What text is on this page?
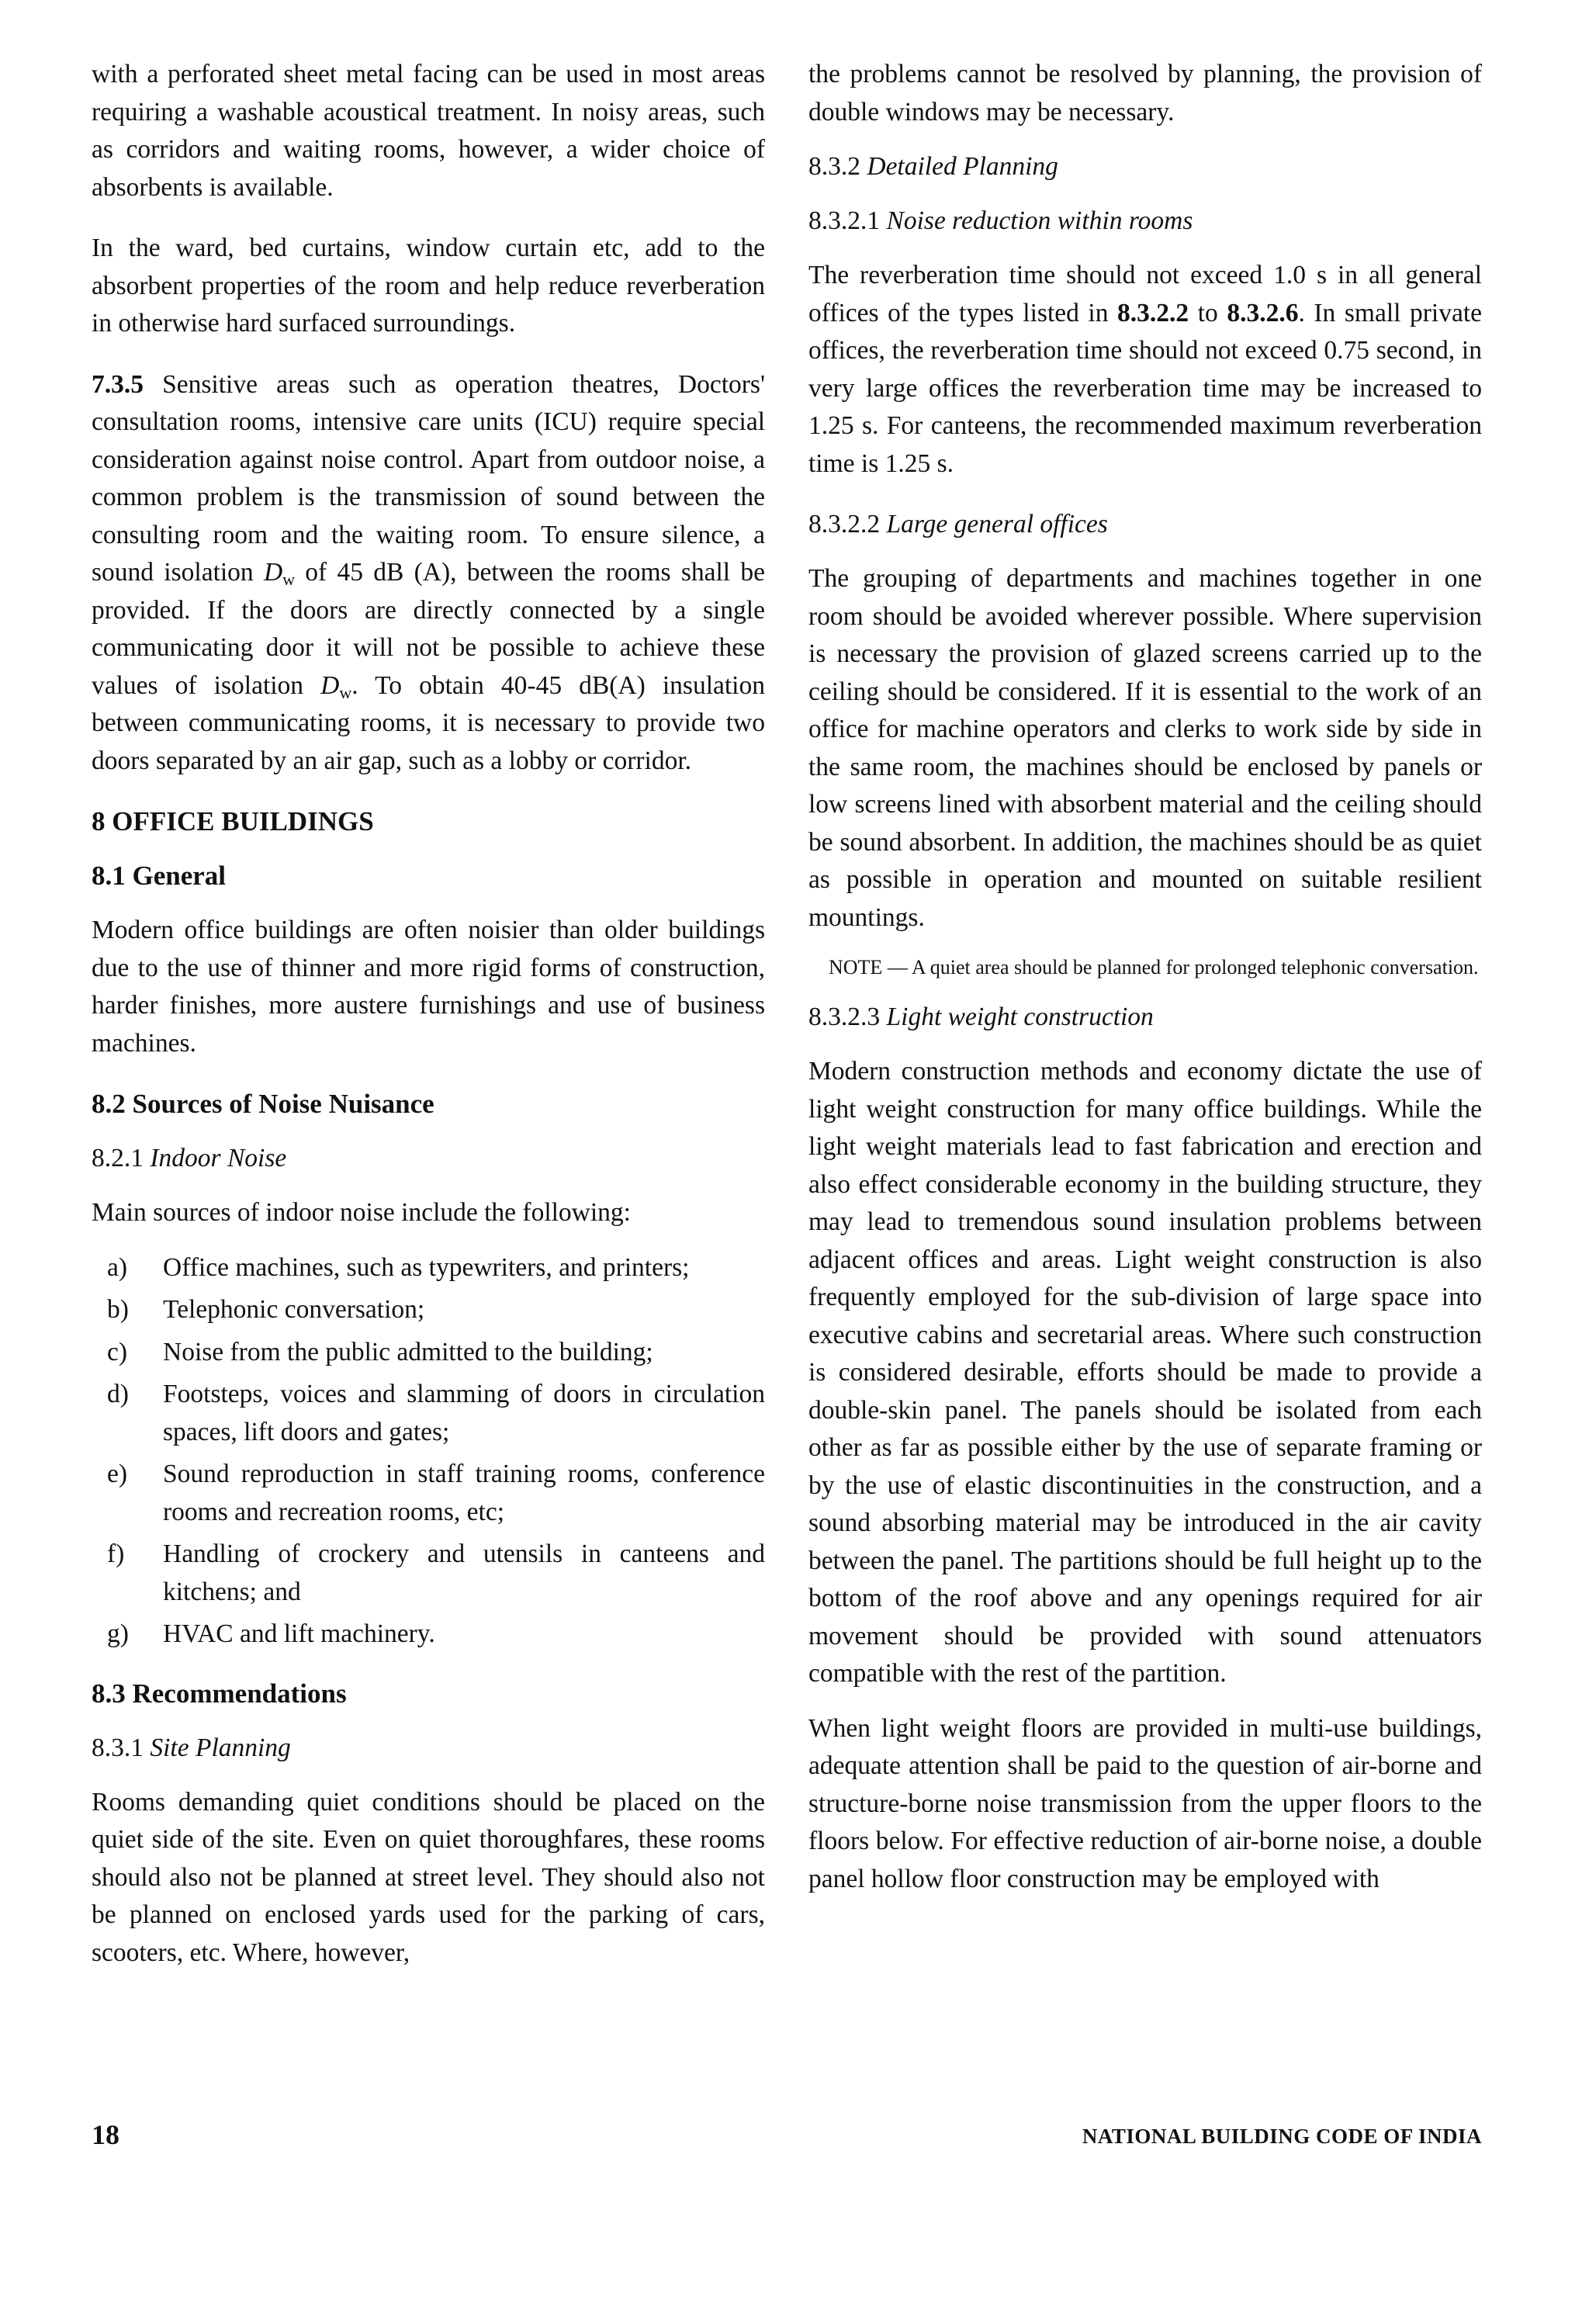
with a perforated sheet metal facing can be used in most areas requiring a washable acoustical treatment. In noisy areas, such as corridors and waiting rooms, however, a wider choice of absorbents is available.

In the ward, bed curtains, window curtain etc, add to the absorbent properties of the room and help reduce reverberation in otherwise hard surfaced surroundings.

7.3.5 Sensitive areas such as operation theatres, Doctors' consultation rooms, intensive care units (ICU) require special consideration against noise control. Apart from outdoor noise, a common problem is the transmission of sound between the consulting room and the waiting room. To ensure silence, a sound isolation $D_w$ of 45 dB (A), between the rooms shall be provided. If the doors are directly connected by a single communicating door it will not be possible to achieve these values of isolation $D_w$. To obtain 40-45 dB(A) insulation between communicating rooms, it is necessary to provide two doors separated by an air gap, such as a lobby or corridor.

8 OFFICE BUILDINGS
8.1 General

Modern office buildings are often noisier than older buildings due to the use of thinner and more rigid forms of construction, harder finishes, more austere furnishings and use of business machines.

8.2 Sources of Noise Nuisance
8.2.1 Indoor Noise

Main sources of indoor noise include the following:

a)	Office machines, such as typewriters, and printers;
b)	Telephonic conversation;
c)	Noise from the public admitted to the building;
d)	Footsteps, voices and slamming of doors in circulation spaces, lift doors and gates;
e)	Sound reproduction in staff training rooms, conference rooms and recreation rooms, etc;
f)	Handling of crockery and utensils in canteens and kitchens; and
g)	HVAC and lift machinery.
8.3 Recommendations
8.3.1 Site Planning

Rooms demanding quiet conditions should be placed on the quiet side of the site. Even on quiet thoroughfares, these rooms should also not be planned at street level. They should also not be planned on enclosed yards used for the parking of cars, scooters, etc. Where, however,

the problems cannot be resolved by planning, the provision of double windows may be necessary.

8.3.2 Detailed Planning
8.3.2.1 Noise reduction within rooms

The reverberation time should not exceed 1.0 s in all general offices of the types listed in 8.3.2.2 to 8.3.2.6. In small private offices, the reverberation time should not exceed 0.75 second, in very large offices the reverberation time may be increased to 1.25 s. For canteens, the recommended maximum reverberation time is 1.25 s.

8.3.2.2 Large general offices

The grouping of departments and machines together in one room should be avoided wherever possible. Where supervision is necessary the provision of glazed screens carried up to the ceiling should be considered. If it is essential to the work of an office for machine operators and clerks to work side by side in the same room, the machines should be enclosed by panels or low screens lined with absorbent material and the ceiling should be sound absorbent. In addition, the machines should be as quiet as possible in operation and mounted on suitable resilient mountings.

NOTE — A quiet area should be planned for prolonged telephonic conversation.

8.3.2.3 Light weight construction

Modern construction methods and economy dictate the use of light weight construction for many office buildings. While the light weight materials lead to fast fabrication and erection and also effect considerable economy in the building structure, they may lead to tremendous sound insulation problems between adjacent offices and areas. Light weight construction is also frequently employed for the sub-division of large space into executive cabins and secretarial areas. Where such construction is considered desirable, efforts should be made to provide a double-skin panel. The panels should be isolated from each other as far as possible either by the use of separate framing or by the use of elastic discontinuities in the construction, and a sound absorbing material may be introduced in the air cavity between the panel. The partitions should be full height up to the bottom of the roof above and any openings required for air movement should be provided with sound attenuators compatible with the rest of the partition.

When light weight floors are provided in multi-use buildings, adequate attention shall be paid to the question of air-borne and structure-borne noise transmission from the upper floors to the floors below. For effective reduction of air-borne noise, a double panel hollow floor construction may be employed with

18	NATIONAL BUILDING CODE OF INDIA
